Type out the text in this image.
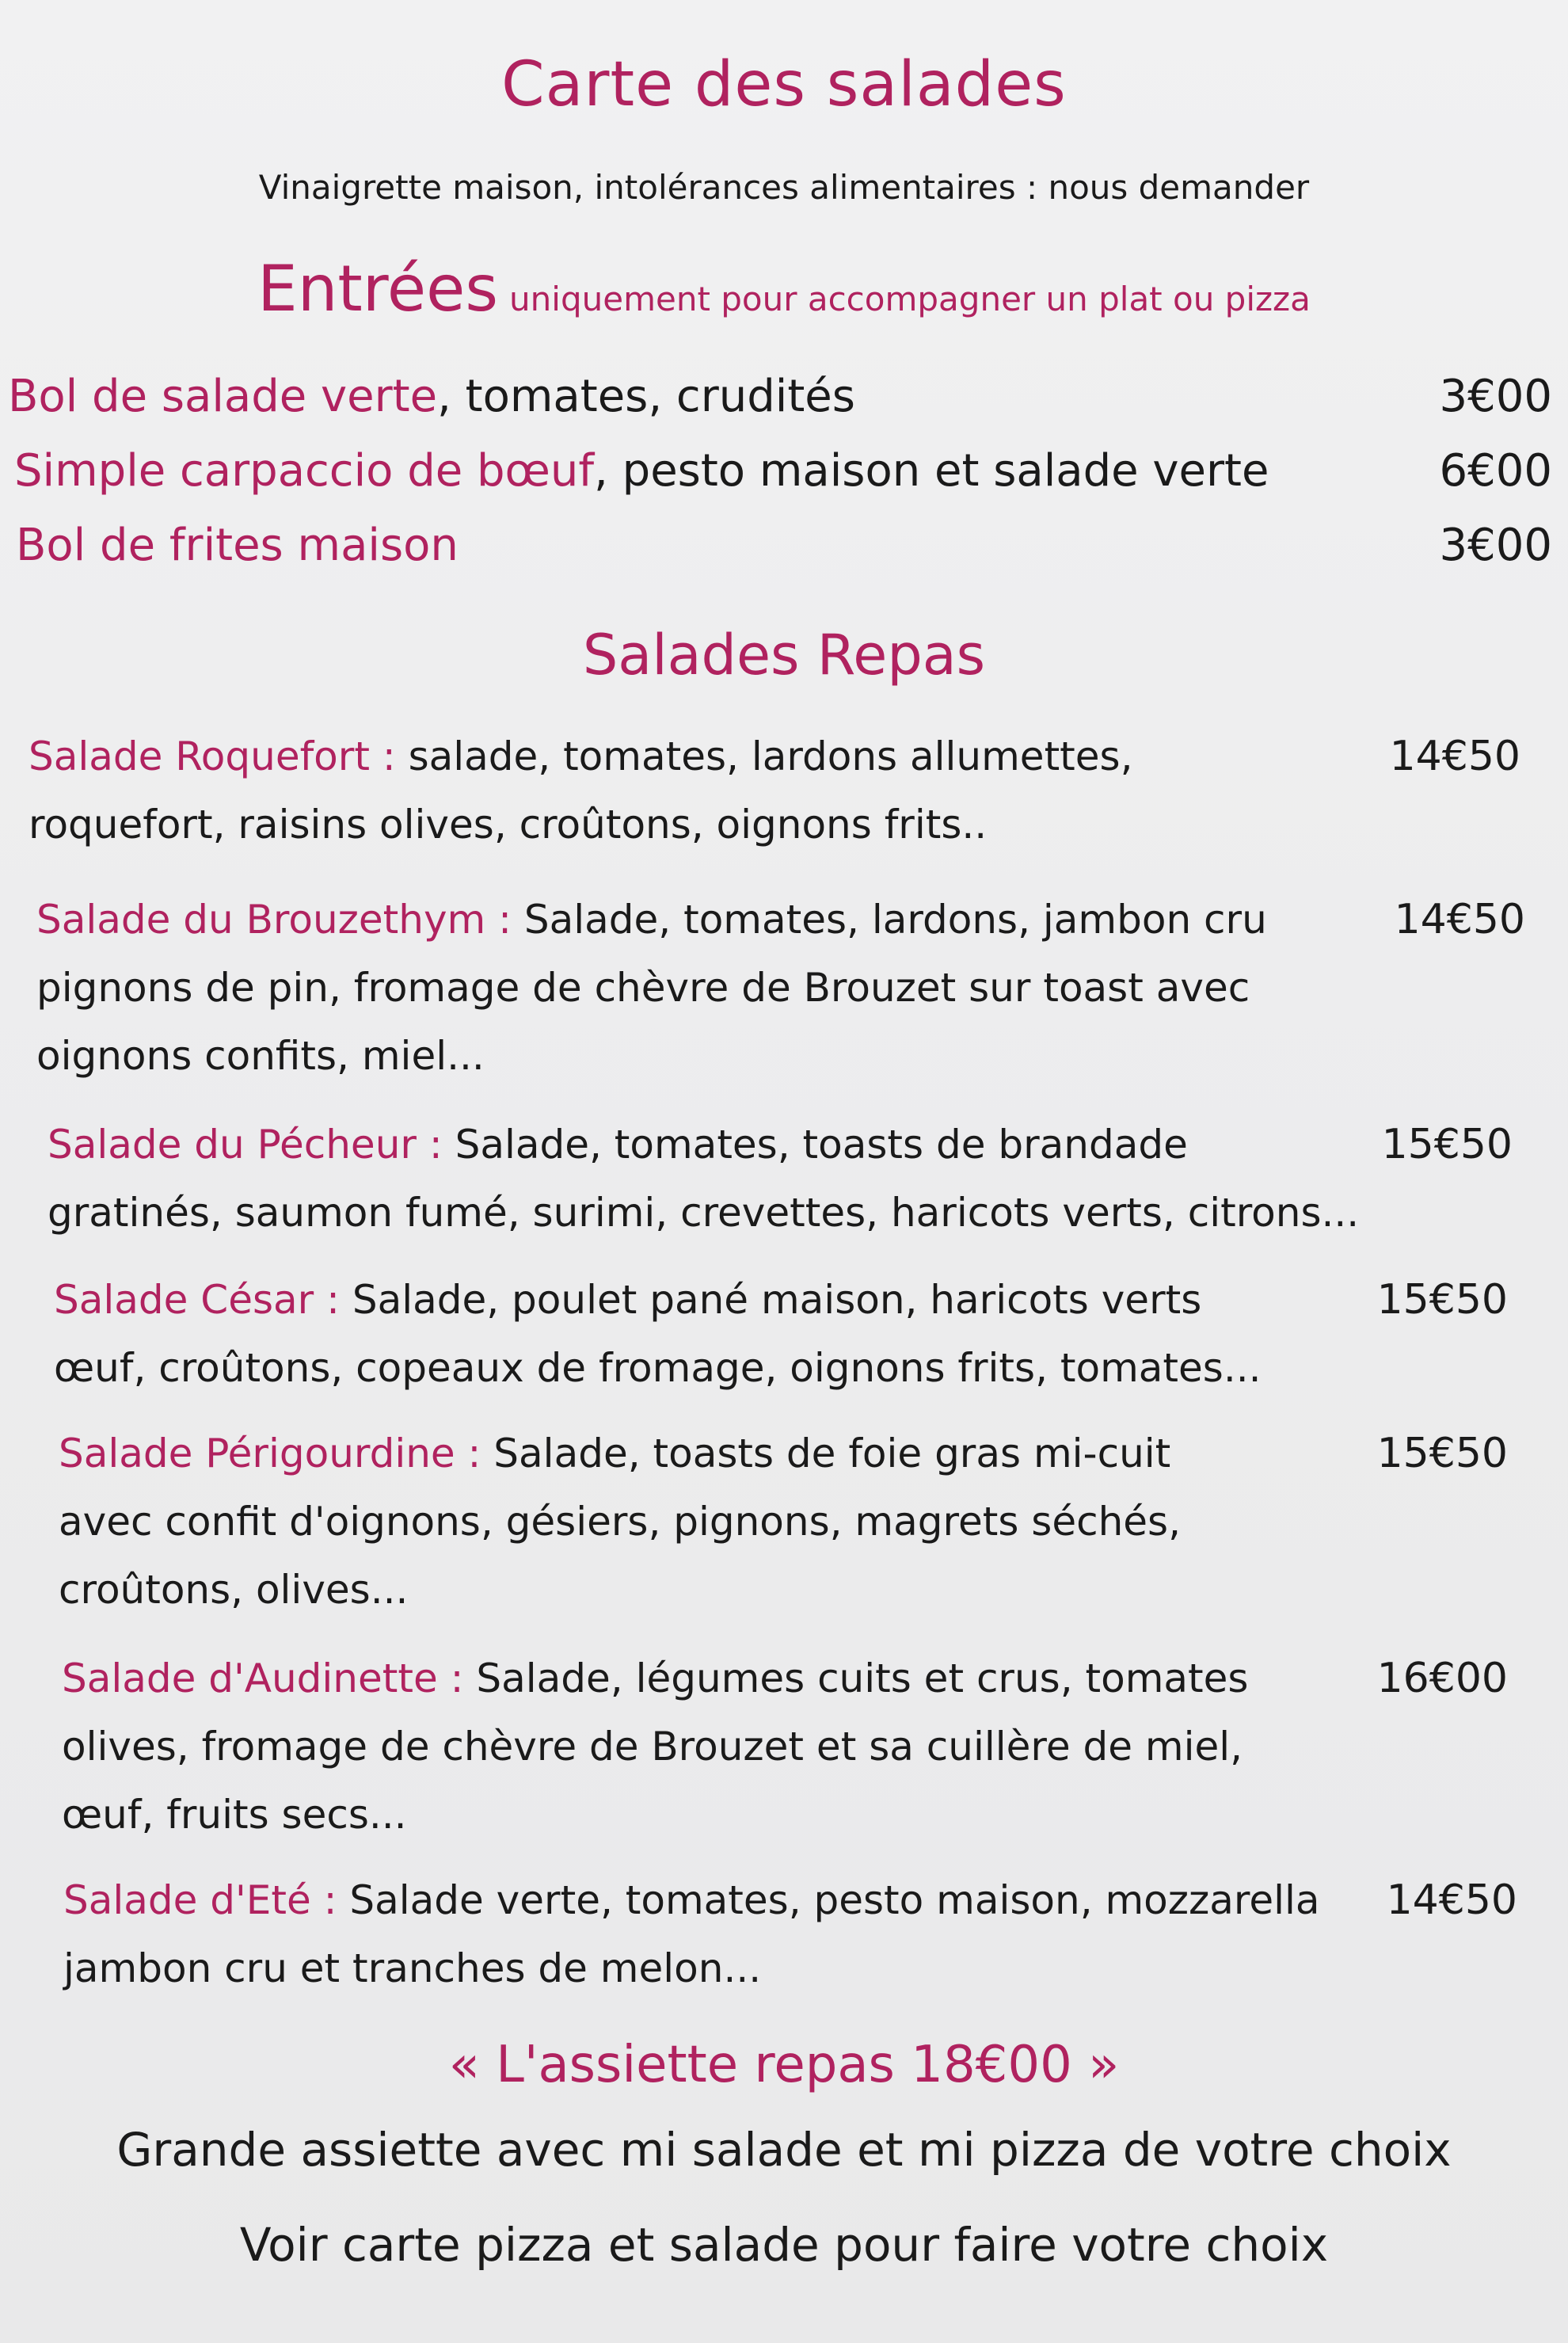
Carte des salades
Vinaigrette maison, intolérances alimentaires : nous demander
Entrées uniquement pour accompagner un plat ou pizza
Bol de salade verte, tomates, crudités	3€00
Simple carpaccio de bœuf, pesto maison et salade verte	6€00
Bol de frites maison	3€00
Salades Repas
Salade Roquefort : salade, tomates, lardons allumettes,
roquefort, raisins olives, croûtons, oignons frits..
14€50
Salade du Brouzethym : Salade, tomates, lardons, jambon cru
pignons de pin, fromage de chèvre de Brouzet sur toast avec
oignons confits, miel...
14€50
Salade du Pécheur : Salade, tomates, toasts de brandade
gratinés, saumon fumé, surimi, crevettes, haricots verts, citrons...
15€50
Salade César : Salade, poulet pané maison, haricots verts
œuf, croûtons, copeaux de fromage, oignons frits, tomates...
15€50
Salade Périgourdine : Salade, toasts de foie gras mi-cuit
avec confit d'oignons, gésiers, pignons, magrets séchés,
croûtons, olives...
15€50
Salade d'Audinette : Salade, légumes cuits et crus, tomates
olives, fromage de chèvre de Brouzet et sa cuillère de miel,
œuf, fruits secs...
16€00
Salade d'Eté : Salade verte, tomates, pesto maison, mozzarella
jambon cru et tranches de melon...
14€50
« L'assiette repas 18€00 »
Grande assiette avec mi salade et mi pizza de votre choix
Voir carte pizza et salade pour faire votre choix
